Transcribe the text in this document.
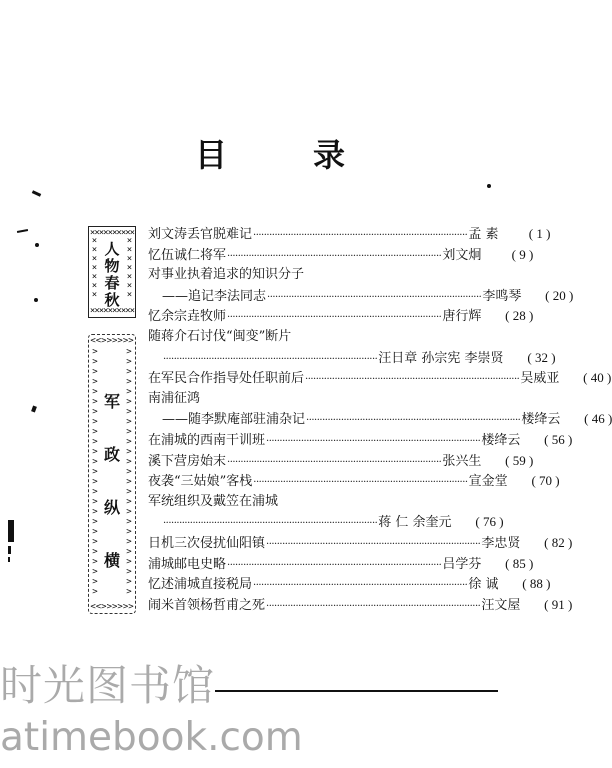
目	录
××××××××××
×××××××
×××××××
××××××××××
人
物
春
秋
<<>>>>>>
>>>>>>>>>>>>>>>>>>>>>>>>>
>>>>>>>>>>>>>>>>>>>>>>>>>
<<>>>>>>
军
政
纵
横
刘文涛丢官脱难记 ················································································ 孟 素	( 1 )
忆伍诚仁将军 ················································································ 刘文炯	( 9 )
对事业执着追求的知识分子
——追记李法同志 ················································································ 李鸣琴	( 20 )
忆余宗垚牧师 ················································································ 唐行辉	( 28 )
随蒋介石讨伐“闽变”断片
················································································ 汪日章 孙宗宪 李崇贤	( 32 )
在军民合作指导处任职前后 ················································································ 吴威亚	( 40 )
南浦征鸿
——随李默庵部驻浦杂记 ················································································ 楼绛云	( 46 )
在浦城的西南干训班 ················································································ 楼绛云	( 56 )
溪下营房始末 ················································································ 张兴生	( 59 )
夜袭“三姑娘”客栈 ················································································ 宣金堂	( 70 )
军统组织及戴笠在浦城
················································································ 蒋 仁 余奎元	( 76 )
日机三次侵扰仙阳镇 ················································································ 李忠贤	( 82 )
浦城邮电史略 ················································································ 吕学芬	( 85 )
忆述浦城直接税局 ················································································ 徐 诚	( 88 )
闹米首领杨哲甫之死 ················································································ 汪文屋	( 91 )
时光图书馆
atimebook.com
